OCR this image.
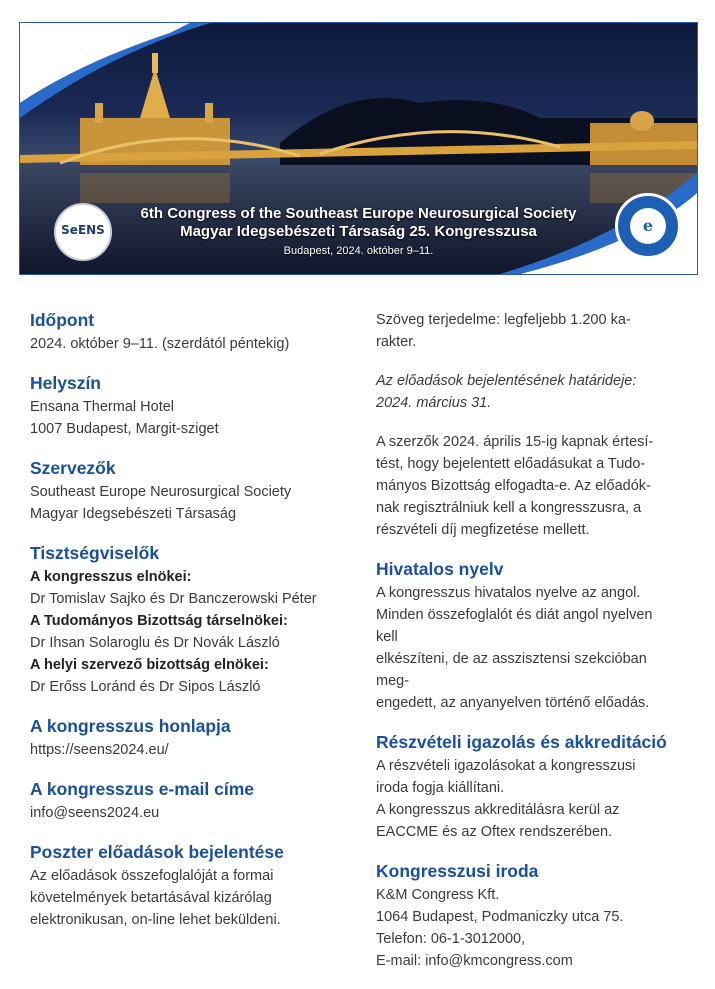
SeENS	e
6th Congress of the Southeast Europe Neurosurgical Society
Magyar Idegsebészeti Társaság 25. Kongresszusa
Budapest, 2024. október 9–11.
Időpont
2024. október 9–11. (szerdától péntekig)
Helyszín
Ensana Thermal Hotel
1007 Budapest, Margit-sziget
Szervezők
Southeast Europe Neurosurgical Society
Magyar Idegsebészeti Társaság
Tisztségviselők
A kongresszus elnökei:
Dr Tomislav Sajko és Dr Banczerowski Péter
A Tudományos Bizottság társelnökei:
Dr Ihsan Solaroglu és Dr Novák László
A helyi szervező bizottság elnökei:
Dr Erőss Loránd és Dr Sipos László
A kongresszus honlapja
https://seens2024.eu/
A kongresszus e-mail címe
info@seens2024.eu
Poszter előadások bejelentése
Az előadások összefoglalóját a formai
követelmények betartásával kizárólag
elektronikusan, on-line lehet beküldeni.
Szöveg terjedelme: legfeljebb 1.200 ka-
rakter.
Az előadások bejelentésének határideje:
2024. március 31.
A szerzők 2024. április 15-ig kapnak értesí-
tést, hogy bejelentett előadásukat a Tudo-
mányos Bizottság elfogadta-e. Az előadók-
nak regisztrálniuk kell a kongresszusra, a
részvételi díj megfizetése mellett.
Hivatalos nyelv
A kongresszus hivatalos nyelve az angol.
Minden összefoglalót és diát angol nyelven kell
elkészíteni, de az asszisztensi szekcióban meg-
engedett, az anyanyelven történő előadás.
Részvételi igazolás és akkreditáció
A részvételi igazolásokat a kongresszusi
iroda fogja kiállítani.
A kongresszus akkreditálásra kerül az
EACCME és az Oftex rendszerében.
Kongresszusi iroda
K&M Congress Kft.
1064 Budapest, Podmaniczky utca 75.
Telefon: 06-1-3012000,
E-mail: info@kmcongress.com
